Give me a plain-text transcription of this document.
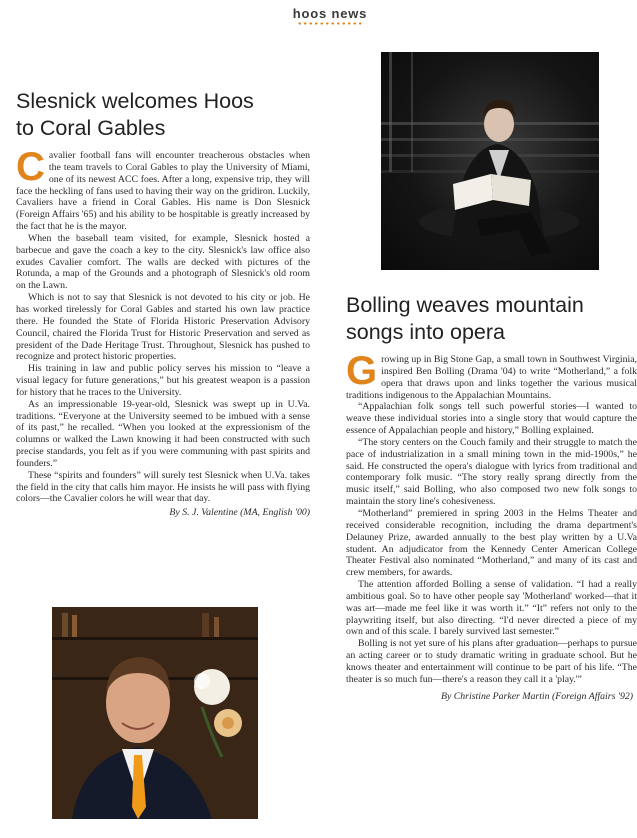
hoos news
Slesnick welcomes Hoos
to Coral Gables

Cavalier football fans will encounter treacherous obstacles when the team travels to Coral Gables to play the University of Miami, one of its newest ACC foes. After a long, expensive trip, they will face the heckling of fans used to having their way on the gridiron. Luckily, Cavaliers have a friend in Coral Gables. His name is Don Slesnick (Foreign Affairs '65) and his ability to be hospitable is greatly increased by the fact that he is the mayor.

When the baseball team visited, for example, Slesnick hosted a barbecue and gave the coach a key to the city. Slesnick's law office also exudes Cavalier comfort. The walls are decked with pictures of the Rotunda, a map of the Grounds and a photograph of Slesnick's old room on the Lawn.

Which is not to say that Slesnick is not devoted to his city or job. He has worked tirelessly for Coral Gables and started his own law practice there. He founded the State of Florida Historic Preservation Advisory Council, chaired the Florida Trust for Historic Preservation and served as president of the Dade Heritage Trust. Throughout, Slesnick has pushed to recognize and protect historic properties.

His training in law and public policy serves his mission to “leave a visual legacy for future generations,” but his greatest weapon is a passion for history that he traces to the University.

As an impressionable 19-year-old, Slesnick was swept up in U.Va. traditions. “Everyone at the University seemed to be imbued with a sense of its past,” he recalled. “When you looked at the expressionism of the columns or walked the Lawn knowing it had been constructed with such precise standards, you felt as if you were communing with past spirits and founders.”

These “spirits and founders” will surely test Slesnick when U.Va. takes the field in the city that calls him mayor. He insists he will pass with flying colors—the Cavalier colors he will wear that day.

By S. J. Valentine (MA, English '00)
Bolling weaves mountain
songs into opera

Growing up in Big Stone Gap, a small town in Southwest Virginia, inspired Ben Bolling (Drama '04) to write “Motherland,” a folk opera that draws upon and links together the various musical traditions indigenous to the Appalachian Mountains.

“Appalachian folk songs tell such powerful stories—I wanted to weave these individual stories into a single story that would capture the essence of Appalachian people and history,” Bolling explained.

“The story centers on the Couch family and their struggle to match the pace of industrialization in a small mining town in the mid-1900s,” he said. He constructed the opera's dialogue with lyrics from traditional and contemporary folk music. “The story really sprang directly from the music itself,” said Bolling, who also composed two new folk songs to maintain the story line's cohesiveness.

“Motherland” premiered in spring 2003 in the Helms Theater and received considerable recognition, including the drama department's Delauney Prize, awarded annually to the best play written by a U.Va student. An adjudicator from the Kennedy Center American College Theater Festival also nominated “Motherland,” and many of its cast and crew members, for awards.

The attention afforded Bolling a sense of validation. “I had a really ambitious goal. So to have other people say 'Motherland' worked—that it was art—made me feel like it was worth it.” “It” refers not only to the playwriting itself, but also directing. “I'd never directed a piece of my own and of this scale. I barely survived last semester.”

Bolling is not yet sure of his plans after graduation—perhaps to pursue an acting career or to study dramatic writing in graduate school. But he knows theater and entertainment will continue to be part of his life. “The theater is so much fun—there's a reason they call it a 'play.'”

By Christine Parker Martin (Foreign Affairs '92)
